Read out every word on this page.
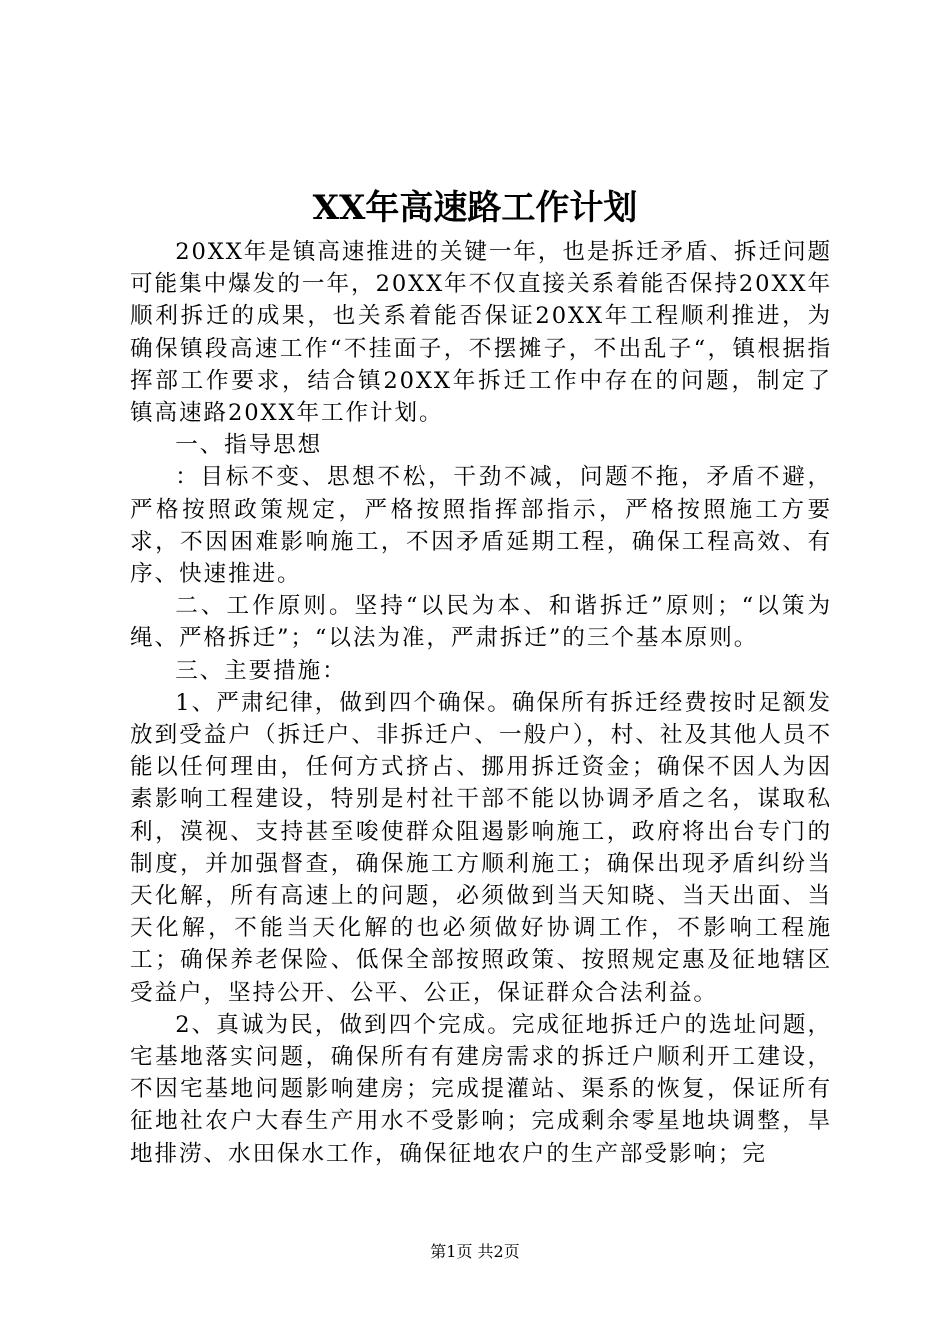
XX年高速路工作计划

20XX年是镇高速推进的关键一年，也是拆迁矛盾、拆迁问题可能集中爆发的一年，20XX年不仅直接关系着能否保持20XX年顺利拆迁的成果，也关系着能否保证20XX年工程顺利推进，为确保镇段高速工作“不挂面子，不摆摊子，不出乱子“，镇根据指挥部工作要求，结合镇20XX年拆迁工作中存在的问题，制定了镇高速路20XX年工作计划。

一、指导思想

：目标不变、思想不松，干劲不减，问题不拖，矛盾不避，严格按照政策规定，严格按照指挥部指示，严格按照施工方要求，不因困难影响施工，不因矛盾延期工程，确保工程高效、有序、快速推进。

二、工作原则。坚持“以民为本、和谐拆迁”原则；“以策为绳、严格拆迁”；“以法为准，严肃拆迁”的三个基本原则。

三、主要措施：

1、严肃纪律，做到四个确保。确保所有拆迁经费按时足额发放到受益户（拆迁户、非拆迁户、一般户），村、社及其他人员不能以任何理由，任何方式挤占、挪用拆迁资金；确保不因人为因素影响工程建设，特别是村社干部不能以协调矛盾之名，谋取私利，漠视、支持甚至唆使群众阻遏影响施工，政府将出台专门的制度，并加强督查，确保施工方顺利施工；确保出现矛盾纠纷当天化解，所有高速上的问题，必须做到当天知晓、当天出面、当天化解，不能当天化解的也必须做好协调工作，不影响工程施工；确保养老保险、低保全部按照政策、按照规定惠及征地辖区受益户，坚持公开、公平、公正，保证群众合法利益。

2、真诚为民，做到四个完成。完成征地拆迁户的选址问题，宅基地落实问题，确保所有有建房需求的拆迁户顺利开工建设，不因宅基地问题影响建房；完成提灌站、渠系的恢复，保证所有征地社农户大春生产用水不受影响；完成剩余零星地块调整，旱地排涝、水田保水工作，确保征地农户的生产部受影响；完

第1页 共2页
